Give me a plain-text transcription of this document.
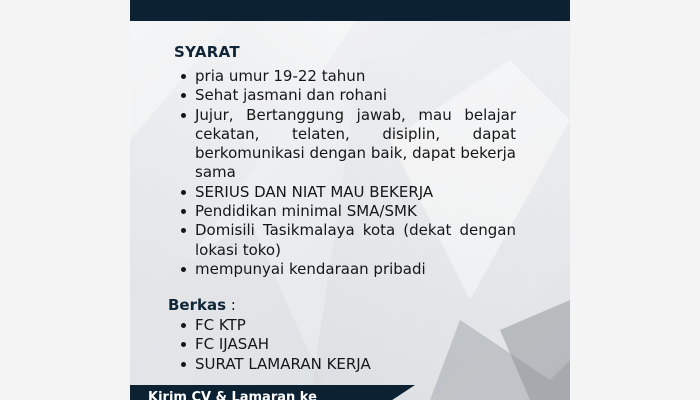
SYARAT
pria umur 19-22 tahun
Sehat jasmani dan rohani
Jujur, Bertanggung jawab, mau belajar cekatan, telaten, disiplin, dapat berkomunikasi dengan baik, dapat bekerja sama
SERIUS DAN NIAT MAU BEKERJA
Pendidikan minimal SMA/SMK
Domisili Tasikmalaya kota (dekat dengan lokasi toko)
mempunyai kendaraan pribadi
Berkas :
FC KTP
FC IJASAH
SURAT LAMARAN KERJA
Kirim CV & Lamaran ke
